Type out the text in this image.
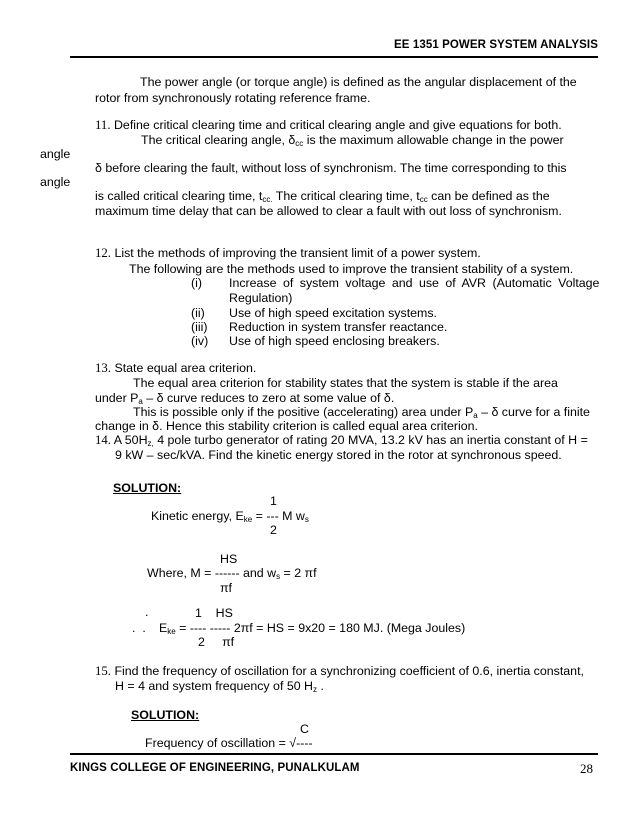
EE 1351 POWER SYSTEM ANALYSIS
The power angle (or torque angle) is defined as the angular displacement of the
rotor from synchronously rotating reference frame.
11. Define critical clearing time and critical clearing angle and give equations for both.
The critical clearing angle, $\delta_{cc}$ is the maximum allowable change in the power
angle
δ before clearing the fault, without loss of synchronism. The time corresponding to this
angle
is called critical clearing time, $t_{cc.}$ The critical clearing time, $t_{cc}$ can be defined as the
maximum time delay that can be allowed to clear a fault with out loss of synchronism.
12. List the methods of improving the transient limit of a power system.
The following are the methods used to improve the transient stability of a system.
(i) Increase of system voltage and use of AVR (Automatic Voltage
Regulation)
(ii) Use of high speed excitation systems.
(iii) Reduction in system transfer reactance.
(iv) Use of high speed enclosing breakers.
13. State equal area criterion.
The equal area criterion for stability states that the system is stable if the area
under $P_a$ – δ curve reduces to zero at some value of δ.
This is possible only if the positive (accelerating) area under $P_a$ – δ curve for a finite
change in δ. Hence this stability criterion is called equal area criterion.
14. A $50H_{z,}$ 4 pole turbo generator of rating 20 MVA, 13.2 kV has an inertia constant of H =
9 kW – sec/kVA. Find the kinetic energy stored in the rotor at synchronous speed.
SOLUTION:
1
Kinetic energy, $E_{ke}$ = --- M $w_s$
2
HS
Where, M = ------ and $w_s = 2$ πf
πf
.	1    HS
.  . $E_{ke}$ = ---- ----- 2πf = HS = 9x20 = 180 MJ. (Mega Joules)
2     πf
15. Find the frequency of oscillation for a synchronizing coefficient of 0.6, inertia constant,
H = 4 and system frequency of 50 $H_z$ .
SOLUTION:
C
Frequency of oscillation = √----
KINGS COLLEGE OF ENGINEERING, PUNALKULAM	28
